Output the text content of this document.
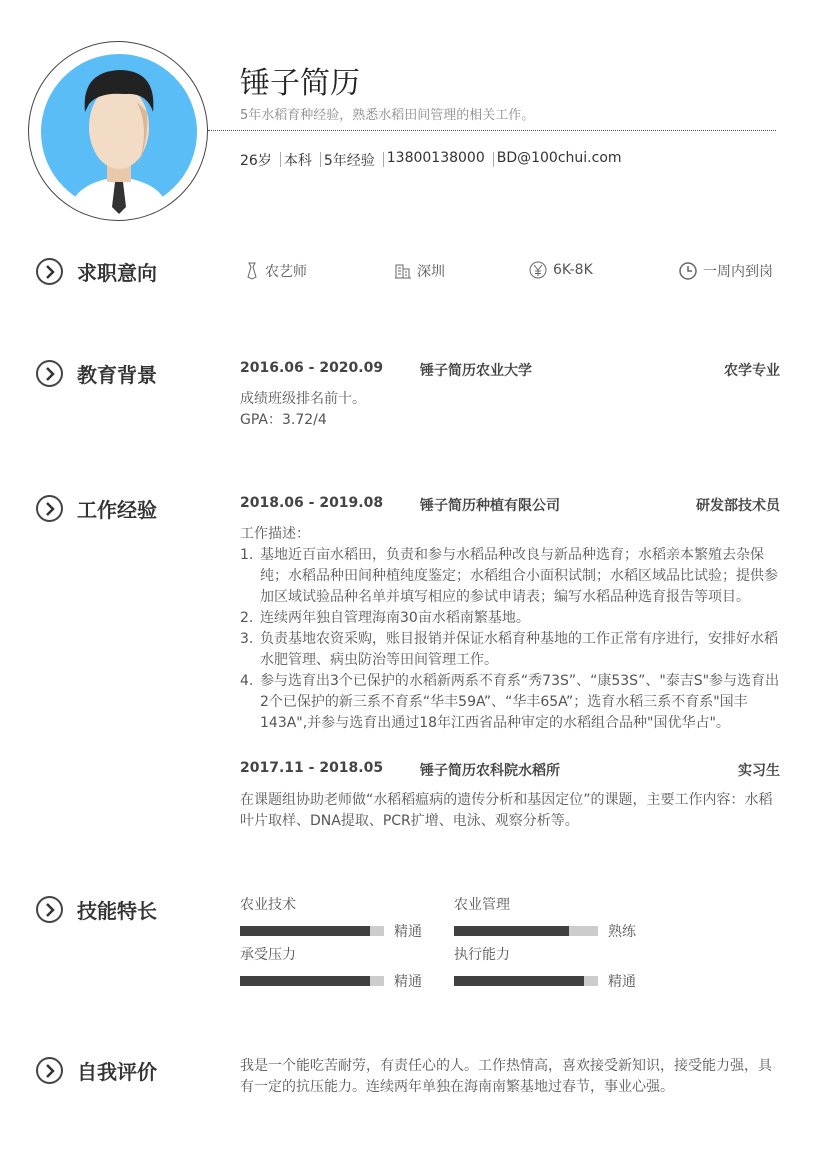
锤子简历
5年水稻育种经验，熟悉水稻田间管理的相关工作。
26岁 本科 5年经验 13800138000 BD@100chui.com
求职意向
教育背景
工作经验
技能特长
自我评价
农艺师	深圳	6K-8K	一周内到岗
2016.06 - 2020.09	锤子简历农业大学	农学专业
成绩班级排名前十。
GPA：3.72/4
2018.06 - 2019.08	锤子简历种植有限公司	研发部技术员
工作描述：
1. 基地近百亩水稻田，负责和参与水稻品种改良与新品种选育；水稻亲本繁殖去杂保纯；水稻品种田间种植纯度鉴定；水稻组合小面积试制；水稻区域品比试验；提供参加区域试验品种名单并填写相应的参试申请表；编写水稻品种选育报告等项目。
2. 连续两年独自管理海南30亩水稻南繁基地。
3. 负责基地农资采购，账目报销并保证水稻育种基地的工作正常有序进行，安排好水稻水肥管理、病虫防治等田间管理工作。
4. 参与选育出3个已保护的水稻新两系不育系“秀73S”、“康53S”、"泰吉S"参与选育出2个已保护的新三系不育系“华丰59A”、“华丰65A”；选育水稻三系不育系"国丰143A",并参与选育出通过18年江西省品种审定的水稻组合品种"国优华占"。
2017.11 - 2018.05	锤子简历农科院水稻所	实习生
在课题组协助老师做“水稻稻瘟病的遗传分析和基因定位”的课题，主要工作内容：水稻叶片取样、DNA提取、PCR扩增、电泳、观察分析等。
农业技术
精通
农业管理
熟练
承受压力
精通
执行能力
精通
我是一个能吃苦耐劳，有责任心的人。工作热情高，喜欢接受新知识，接受能力强，具有一定的抗压能力。连续两年单独在海南南繁基地过春节，事业心强。
